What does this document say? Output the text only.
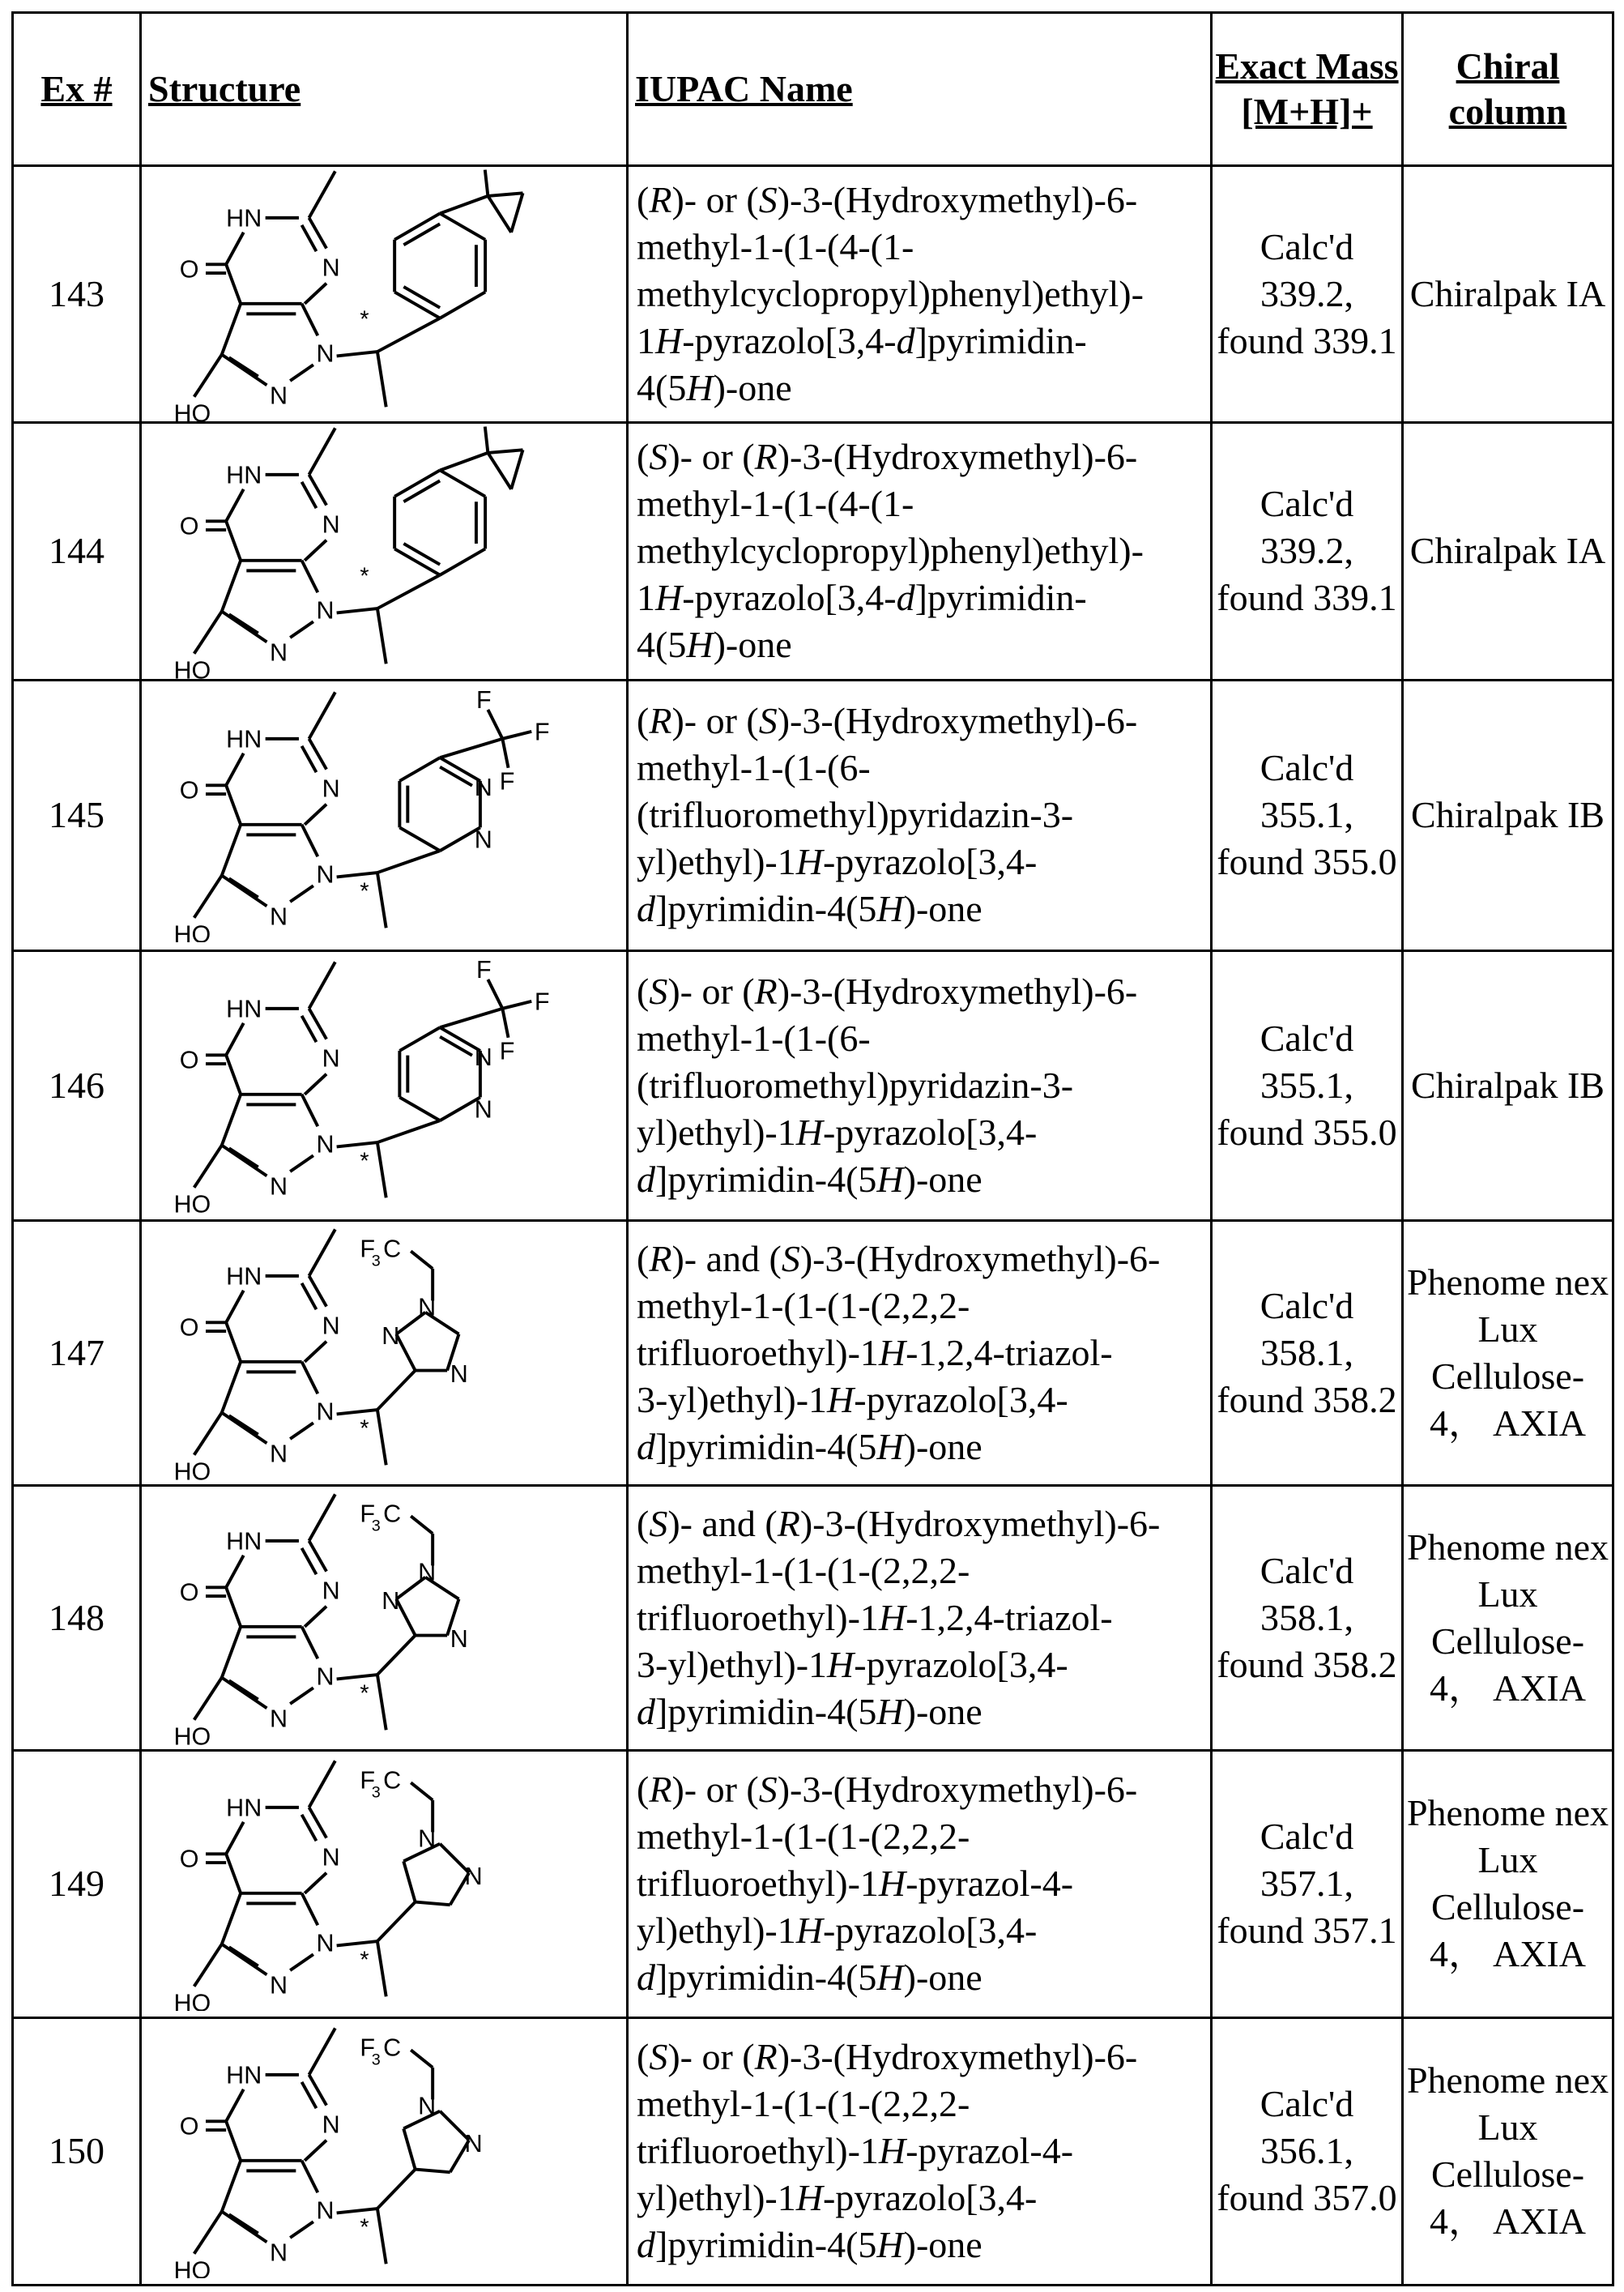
Ex #	Structure	IUPAC Name	Exact Mass [M+H]+	Chiral column
143	
HN
N
O
N
N
HO
*
	(R)- or (S)-3-(Hydroxymethyl)-6-
methyl-1-(1-(4-(1-
methylcyclopropyl)phenyl)ethyl)-
1H-pyrazolo[3,4-d]pyrimidin-
4(5H)-one	Calc'd 339.2, found 339.1	Chiralpak IA
144	
HN
N
O
N
N
HO
*
	(S)- or (R)-3-(Hydroxymethyl)-6-
methyl-1-(1-(4-(1-
methylcyclopropyl)phenyl)ethyl)-
1H-pyrazolo[3,4-d]pyrimidin-
4(5H)-one	Calc'd 339.2, found 339.1	Chiralpak IA
145	
HN
N
O
N
N
HO
*
N
N
F
F
F
	(R)- or (S)-3-(Hydroxymethyl)-6-
methyl-1-(1-(6-
(trifluoromethyl)pyridazin-3-
yl)ethyl)-1H-pyrazolo[3,4-
d]pyrimidin-4(5H)-one	Calc'd 355.1, found 355.0	Chiralpak IB
146	
HN
N
O
N
N
HO
*
N
N
F
F
F
	(S)- or (R)-3-(Hydroxymethyl)-6-
methyl-1-(1-(6-
(trifluoromethyl)pyridazin-3-
yl)ethyl)-1H-pyrazolo[3,4-
d]pyrimidin-4(5H)-one	Calc'd 355.1, found 355.0	Chiralpak IB
147	
HN
N
O
N
N
HO
*
N
N
N
F
3 C	(R)- and (S)-3-(Hydroxymethyl)-6-
methyl-1-(1-(1-(2,2,2-
trifluoroethyl)-1H-1,2,4-triazol-
3-yl)ethyl)-1H-pyrazolo[3,4-
d]pyrimidin-4(5H)-one	Calc'd 358.1, found 358.2	Phenome nex Lux Cellulose-4， AXIA
148	
HN
N
O
N
N
HO
*
N
N
N
F
3 C	(S)- and (R)-3-(Hydroxymethyl)-6-
methyl-1-(1-(1-(2,2,2-
trifluoroethyl)-1H-1,2,4-triazol-
3-yl)ethyl)-1H-pyrazolo[3,4-
d]pyrimidin-4(5H)-one	Calc'd 358.1, found 358.2	Phenome nex Lux Cellulose-4， AXIA
149	
HN
N
O
N
N
HO
*
N
N
F
3 C	(R)- or (S)-3-(Hydroxymethyl)-6-
methyl-1-(1-(1-(2,2,2-
trifluoroethyl)-1H-pyrazol-4-
yl)ethyl)-1H-pyrazolo[3,4-
d]pyrimidin-4(5H)-one	Calc'd 357.1, found 357.1	Phenome nex Lux Cellulose-4， AXIA
150	
HN
N
O
N
N
HO
*
N
N
F
3 C	(S)- or (R)-3-(Hydroxymethyl)-6-
methyl-1-(1-(1-(2,2,2-
trifluoroethyl)-1H-pyrazol-4-
yl)ethyl)-1H-pyrazolo[3,4-
d]pyrimidin-4(5H)-one	Calc'd 356.1, found 357.0	Phenome nex Lux Cellulose-4， AXIA
